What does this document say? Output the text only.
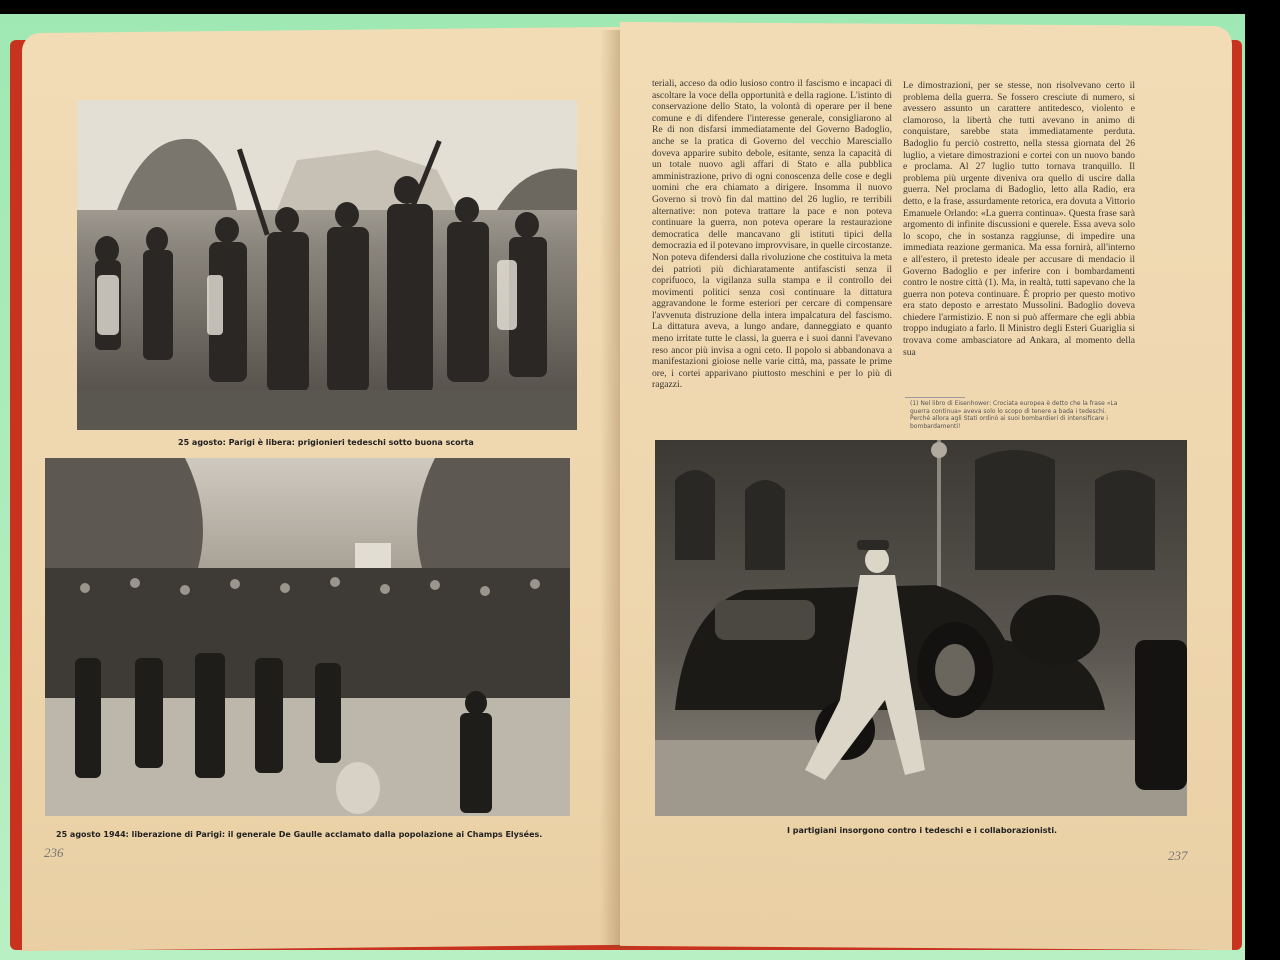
25 agosto: Parigi è libera: prigionieri tedeschi sotto buona scorta
25 agosto 1944: liberazione di Parigi: il generale De Gaulle acclamato dalla popolazione ai Champs Elysées.
236

teriali, acceso da odio lusioso contro il fascismo e incapaci di ascoltare la voce della opportunità e della ragione. L'istinto di conservazione dello Stato, la volontà di operare per il bene comune e di difendere l'interesse generale, consigliarono al Re di non disfarsi immediatamente del Governo Badoglio, anche se la pratica di Governo del vecchio Maresciallo doveva apparire subito debole, esitante, senza la capacità di un totale nuovo agli affari di Stato e alla pubblica amministrazione, privo di ogni conoscenza delle cose e degli uomini che era chiamato a dirigere. Insomma il nuovo Governo si trovò fin dal mattino del 26 luglio, re terribili alternative: non poteva trattare la pace e non poteva continuare la guerra, non poteva operare la restaurazione democratica delle mancavano gli istituti tipici della democrazia ed il potevano improvvisare, in quelle circostanze. Non poteva difendersi dalla rivoluzione che costituiva la meta dei patrioti più dichiaratamente antifascisti senza il coprifuoco, la vigilanza sulla stampa e il controllo dei movimenti politici senza così continuare la dittatura aggravandone le forme esteriori per cercare di compensare l'avvenuta distruzione della intera impalcatura del fascismo. La dittatura aveva, a lungo andare, danneggiato e quanto meno irritate tutte le classi, la guerra e i suoi danni l'avevano reso ancor più invisa a ogni ceto. Il popolo si abbandonava a manifestazioni gioiose nelle varie città, ma, passate le prime ore, i cortei apparivano piuttosto meschini e per lo più di ragazzi.

Le dimostrazioni, per se stesse, non risolvevano certo il problema della guerra. Se fossero cresciute di numero, si avessero assunto un carattere antitedesco, violento e clamoroso, la libertà che tutti avevano in animo di conquistare, sarebbe stata immediatamente perduta. Badoglio fu perciò costretto, nella stessa giornata del 26 luglio, a vietare dimostrazioni e cortei con un nuovo bando e proclama. Al 27 luglio tutto tornava tranquillo. Il problema più urgente diveniva ora quello di uscire dalla guerra. Nel proclama di Badoglio, letto alla Radio, era detto, e la frase, assurdamente retorica, era dovuta a Vittorio Emanuele Orlando: «La guerra continua». Questa frase sarà argomento di infinite discussioni e querele. Essa aveva solo lo scopo, che in sostanza raggiunse, di impedire una immediata reazione germanica. Ma essa fornirà, all'interno e all'estero, il pretesto ideale per accusare di mendacio il Governo Badoglio e per inferire con i bombardamenti contro le nostre città (1). Ma, in realtà, tutti sapevano che la guerra non poteva continuare. È proprio per questo motivo era stato deposto e arrestato Mussolini. Badoglio doveva chiedere l'armistizio. E non si può affermare che egli abbia troppo indugiato a farlo. Il Ministro degli Esteri Guariglia si trovava come ambasciatore ad Ankara, al momento della sua

(1) Nel libro di Eisenhower: Crociata europea è detto che la frase «La guerra continua» aveva solo lo scopo di tenere a bada i tedeschi. Perché allora agli Stati ordinò ai suoi bombardieri di intensificare i bombardamenti!
I partigiani insorgono contro i tedeschi e i collaborazionisti.
237
